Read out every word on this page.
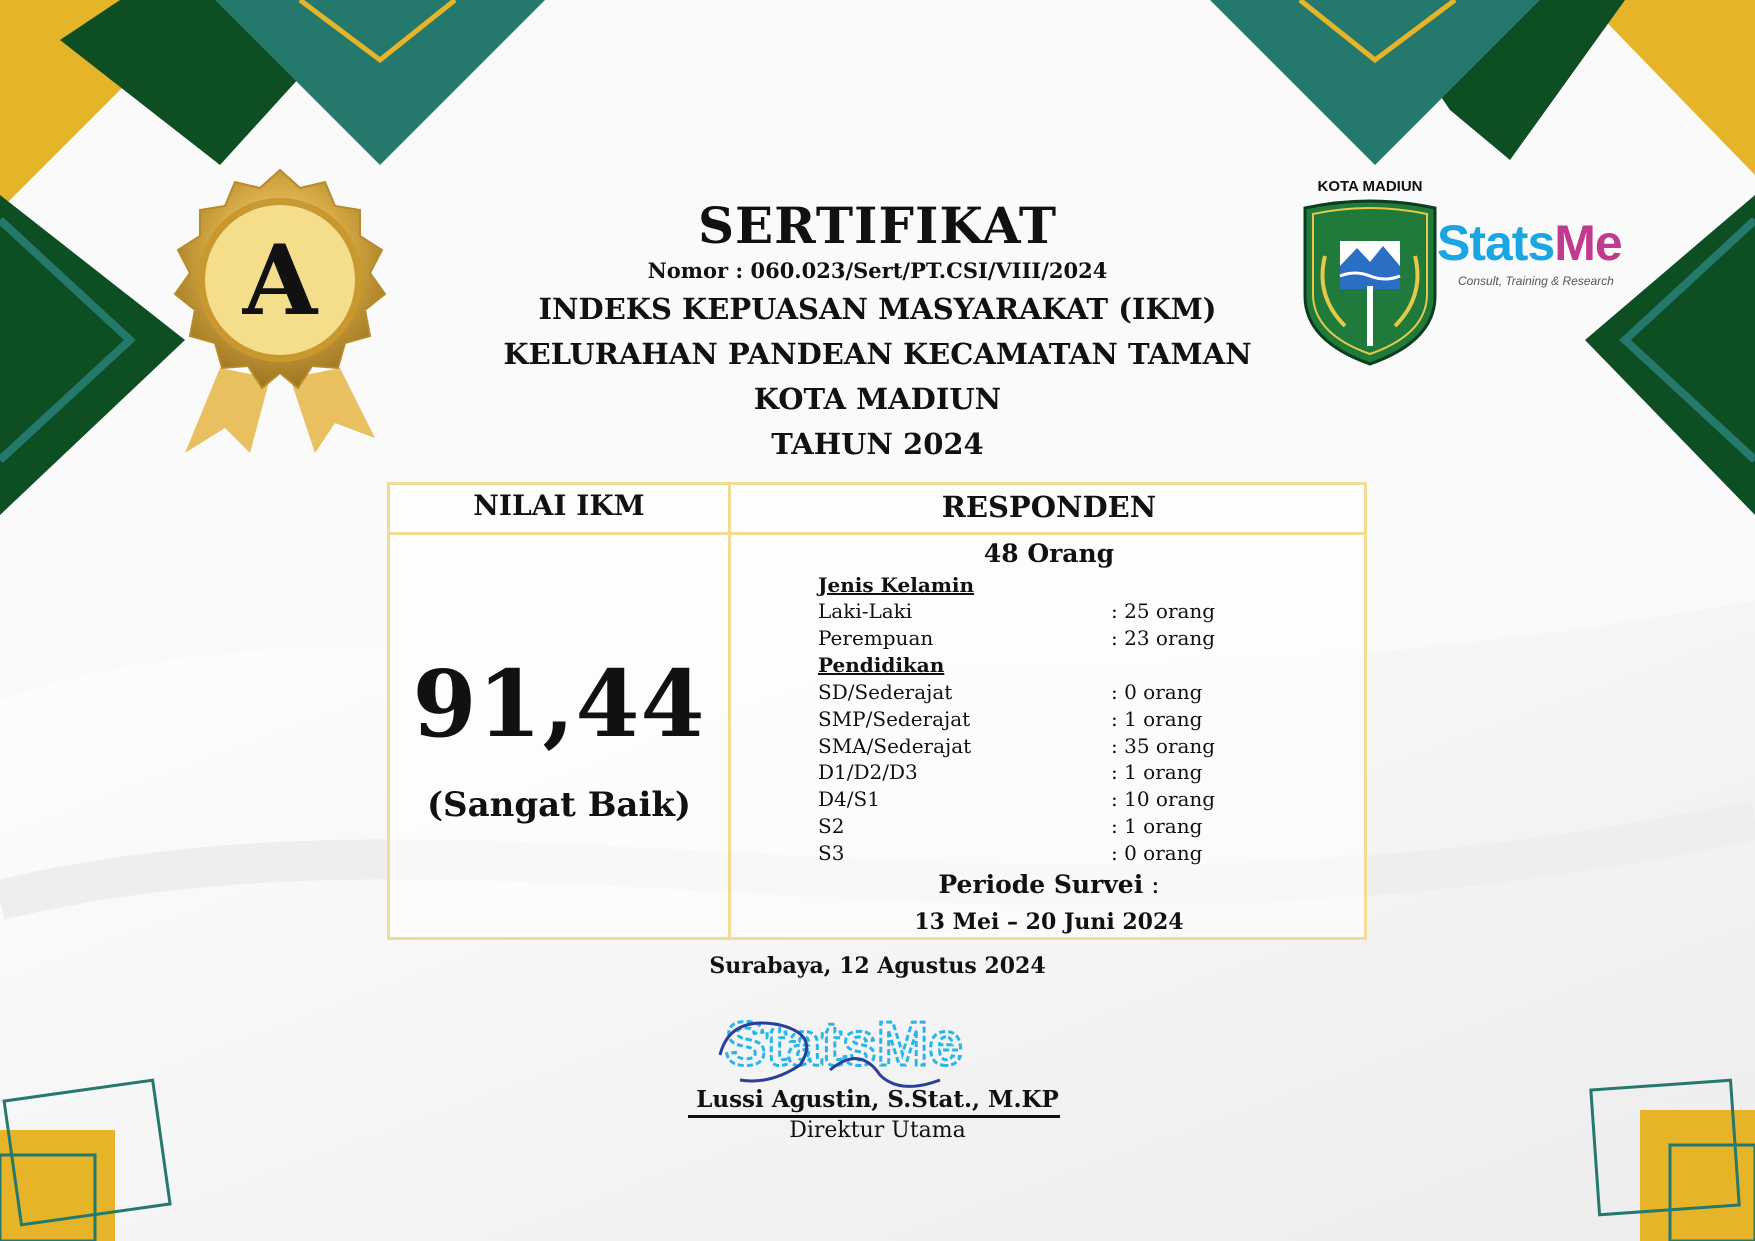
A
KOTA MADIUN
StatsMe
Consult, Training & Research
SERTIFIKAT
Nomor : 060.023/Sert/PT.CSI/VIII/2024
INDEKS KEPUASAN MASYARAKAT (IKM)
KELURAHAN PANDEAN KECAMATAN TAMAN
KOTA MADIUN
TAHUN 2024
NILAI IKM	RESPONDEN
91,44
(Sangat Baik)
48 Orang
Jenis Kelamin
Laki-Laki	: 25 orang
Perempuan	: 23 orang
Pendidikan
SD/Sederajat	: 0 orang
SMP/Sederajat	: 1 orang
SMA/Sederajat	: 35 orang
D1/D2/D3	: 1 orang
D4/S1	: 10 orang
S2	: 1 orang
S3	: 0 orang
Periode Survei :
13 Mei – 20 Juni 2024
Surabaya, 12 Agustus 2024
StatsMe
Lussi Agustin, S.Stat., M.KP
Direktur Utama
